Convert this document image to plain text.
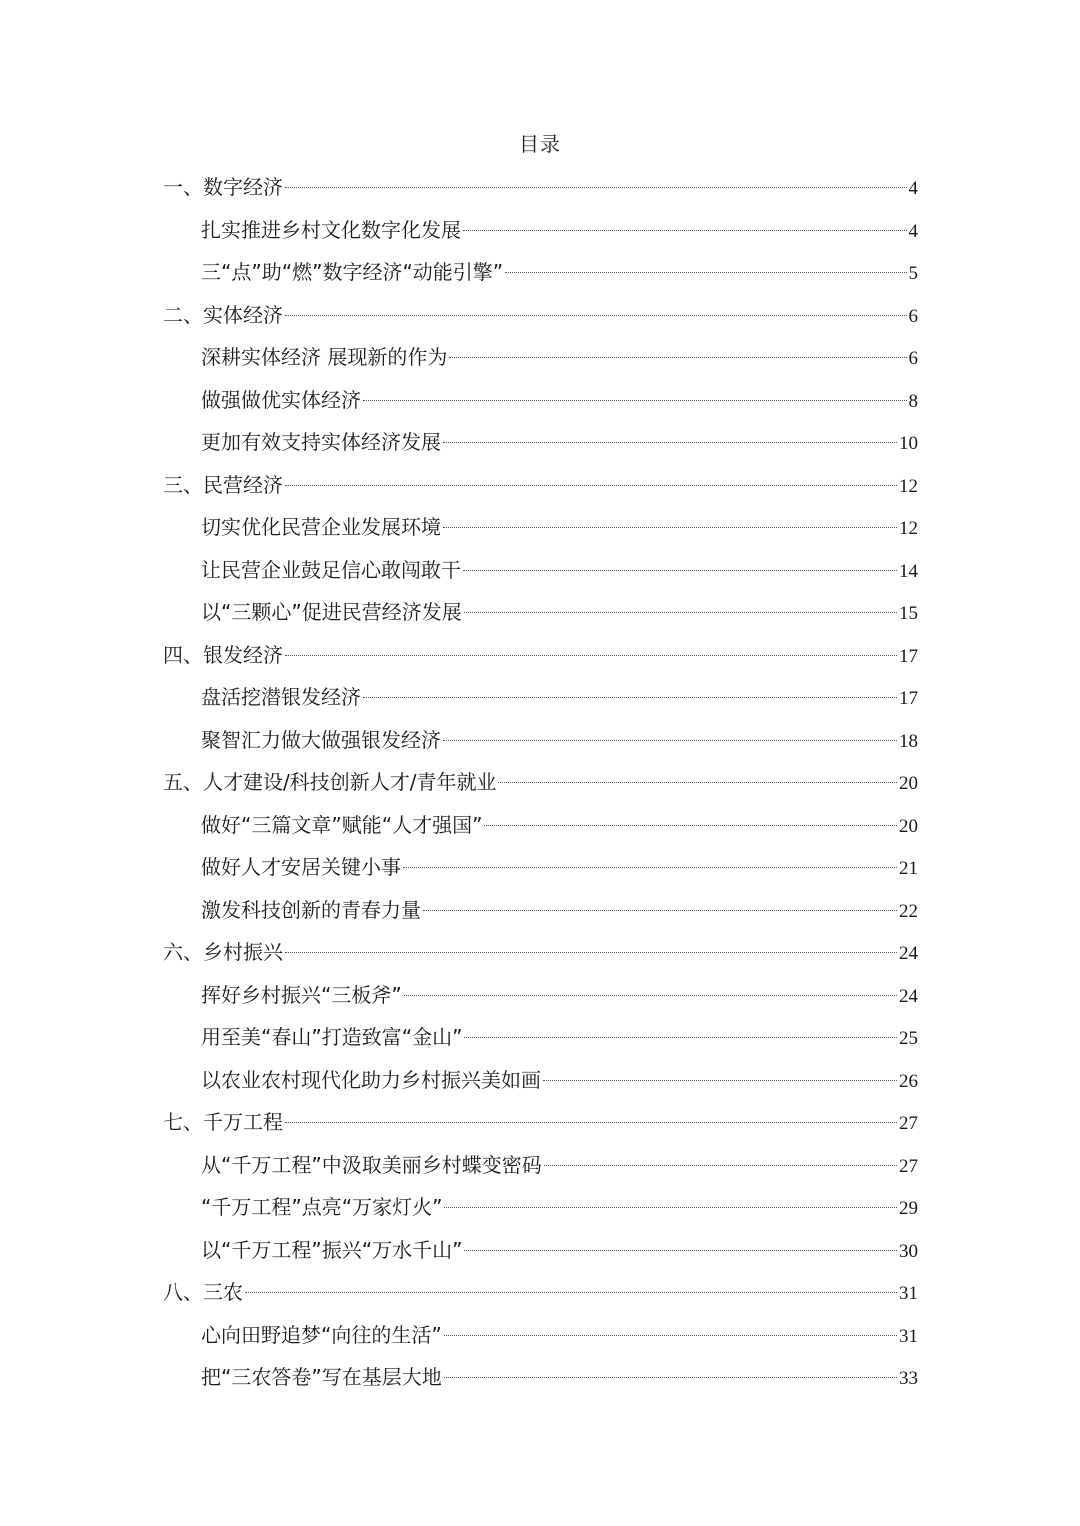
目录
一、数字经济	4
扎实推进乡村文化数字化发展	4
三“点”助“燃”数字经济“动能引擎”	5
二、实体经济	6
深耕实体经济 展现新的作为	6
做强做优实体经济	8
更加有效支持实体经济发展	10
三、民营经济	12
切实优化民营企业发展环境	12
让民营企业鼓足信心敢闯敢干	14
以“三颗心”促进民营经济发展	15
四、银发经济	17
盘活挖潜银发经济	17
聚智汇力做大做强银发经济	18
五、人才建设/科技创新人才/青年就业	20
做好“三篇文章”赋能“人才强国”	20
做好人才安居关键小事	21
激发科技创新的青春力量	22
六、乡村振兴	24
挥好乡村振兴“三板斧”	24
用至美“春山”打造致富“金山”	25
以农业农村现代化助力乡村振兴美如画	26
七、千万工程	27
从“千万工程”中汲取美丽乡村蝶变密码	27
“千万工程”点亮“万家灯火”	29
以“千万工程”振兴“万水千山”	30
八、三农	31
心向田野追梦“向往的生活”	31
把“三农答卷”写在基层大地	33
